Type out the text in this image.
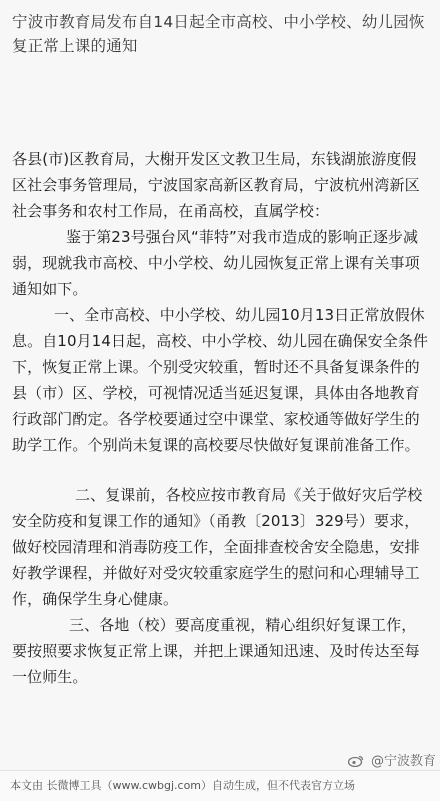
宁波市教育局发布自14日起全市高校、中小学校、幼儿园恢复正常上课的通知

各县(市)区教育局，大榭开发区文教卫生局，东钱湖旅游度假区社会事务管理局，宁波国家高新区教育局，宁波杭州湾新区社会事务和农村工作局，在甬高校，直属学校：

鉴于第23号强台风“菲特”对我市造成的影响正逐步减弱，现就我市高校、中小学校、幼儿园恢复正常上课有关事项通知如下。

一、全市高校、中小学校、幼儿园10月13日正常放假休息。自10月14日起，高校、中小学校、幼儿园在确保安全条件下，恢复正常上课。个别受灾较重，暂时还不具备复课条件的县（市）区、学校，可视情况适当延迟复课，具体由各地教育行政部门酌定。各学校要通过空中课堂、家校通等做好学生的助学工作。个别尚未复课的高校要尽快做好复课前准备工作。

二、复课前，各校应按市教育局《关于做好灾后学校安全防疫和复课工作的通知》（甬教〔2013〕329号）要求，做好校园清理和消毒防疫工作，全面排查校舍安全隐患，安排好教学课程，并做好对受灾较重家庭学生的慰问和心理辅导工作，确保学生身心健康。

三、各地（校）要高度重视，精心组织好复课工作，要按照要求恢复正常上课，并把上课通知迅速、及时传达至每一位师生。

@宁波教育
本文由 长微博工具（www.cwbgj.com）自动生成，但不代表官方立场
